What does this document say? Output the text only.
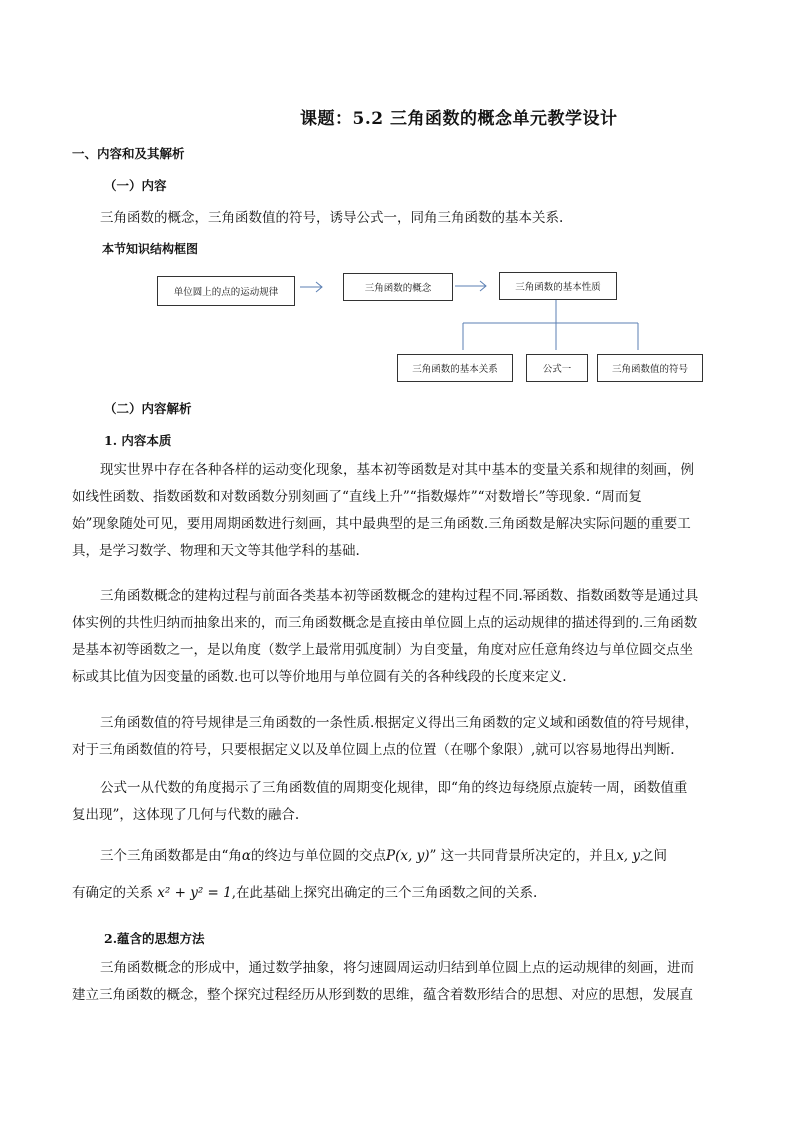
课题：5.2 三角函数的概念单元教学设计
一、内容和及其解析
（一）内容
三角函数的概念，三角函数值的符号，诱导公式一，同角三角函数的基本关系.
本节知识结构框图
单位圆上的点的运动规律	三角函数的概念	三角函数的基本性质
三角函数的基本关系	公式一	三角函数值的符号
（二）内容解析
1. 内容本质
现实世界中存在各种各样的运动变化现象，基本初等函数是对其中基本的变量关系和规律的刻画，例
如线性函数、指数函数和对数函数分别刻画了“直线上升”“指数爆炸”“对数增长”等现象. “周而复
始”现象随处可见，要用周期函数进行刻画，其中最典型的是三角函数.三角函数是解决实际问题的重要工
具，是学习数学、物理和天文等其他学科的基础.
三角函数概念的建构过程与前面各类基本初等函数概念的建构过程不同.幂函数、指数函数等是通过具
体实例的共性归纳而抽象出来的，而三角函数概念是直接由单位圆上点的运动规律的描述得到的.三角函数
是基本初等函数之一，是以角度（数学上最常用弧度制）为自变量，角度对应任意角终边与单位圆交点坐
标或其比值为因变量的函数.也可以等价地用与单位圆有关的各种线段的长度来定义.
三角函数值的符号规律是三角函数的一条性质.根据定义得出三角函数的定义域和函数值的符号规律，
对于三角函数值的符号，只要根据定义以及单位圆上点的位置（在哪个象限）,就可以容易地得出判断.
公式一从代数的角度揭示了三角函数值的周期变化规律，即“角的终边每绕原点旋转一周，函数值重
复出现”，这体现了几何与代数的融合.
三个三角函数都是由“角α的终边与单位圆的交点P(x, y)” 这一共同背景所决定的，并且x, y之间
有确定的关系 x² + y² = 1,在此基础上探究出确定的三个三角函数之间的关系.
2.蕴含的思想方法
三角函数概念的形成中，通过数学抽象，将匀速圆周运动归结到单位圆上点的运动规律的刻画，进而
建立三角函数的概念，整个探究过程经历从形到数的思维，蕴含着数形结合的思想、对应的思想，发展直
